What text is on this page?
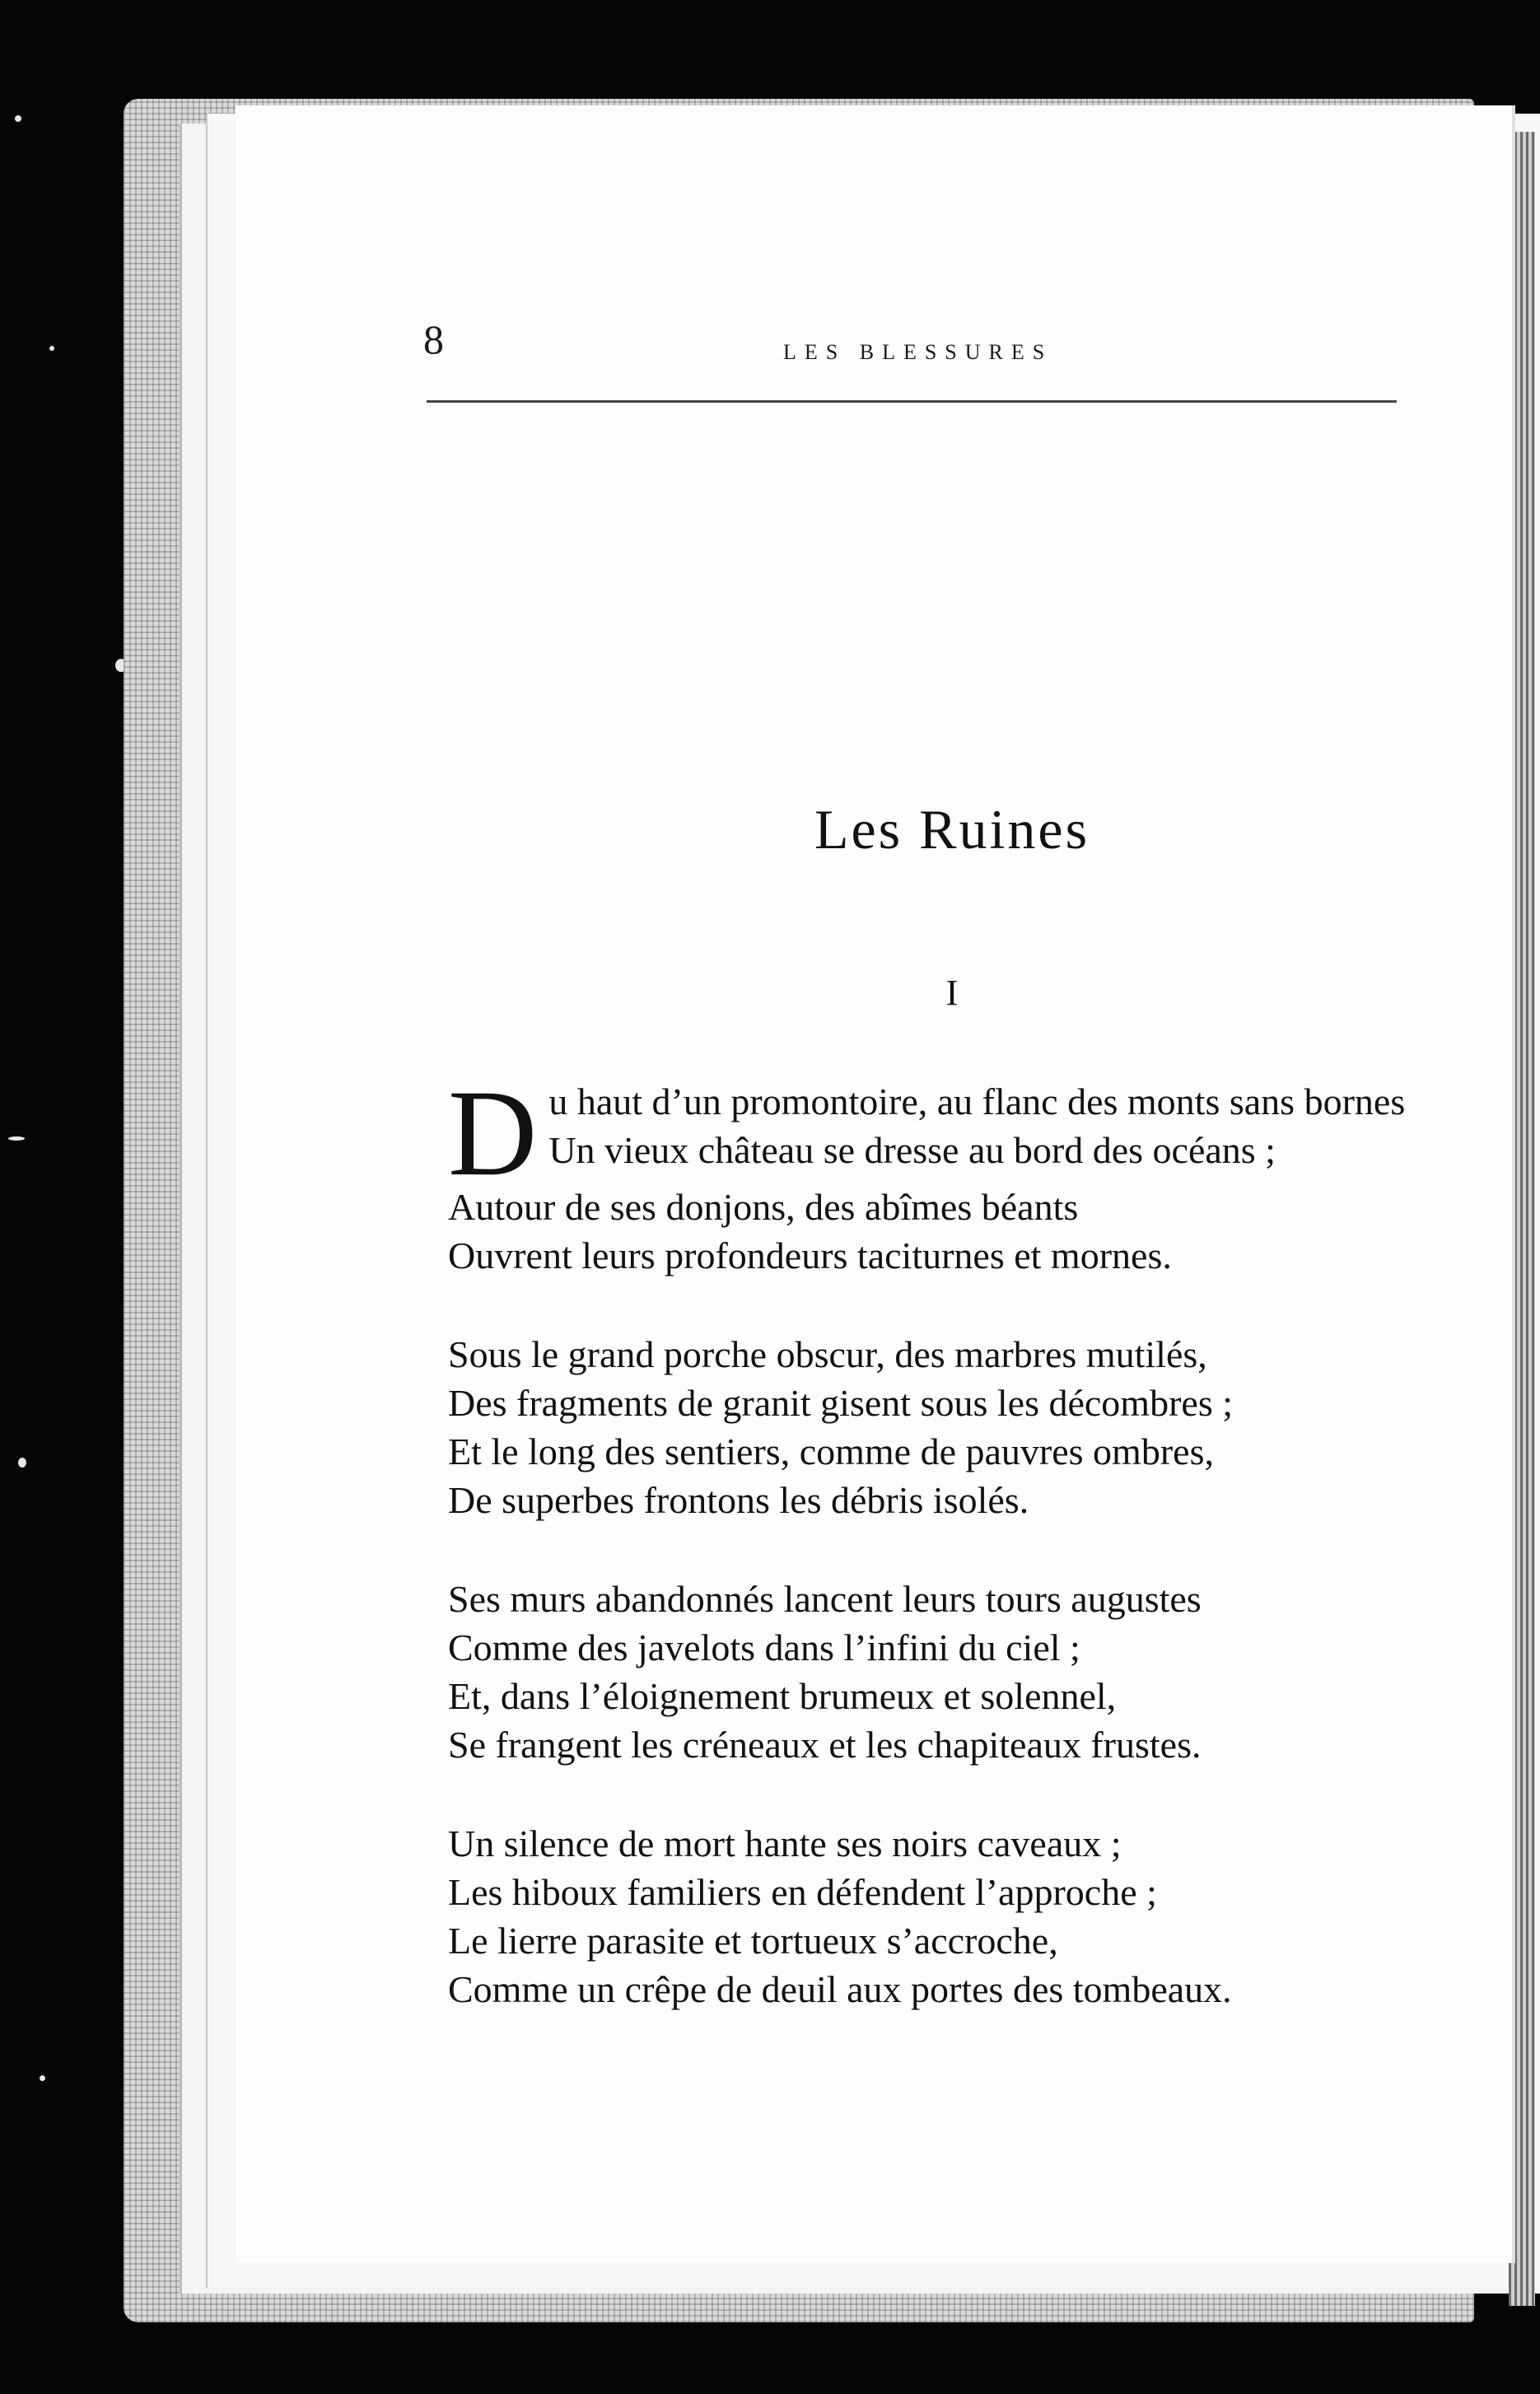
8	LES BLESSURES
Les Ruines
I
D u haut d’un promontoire, au flanc des monts sans bornes
Un vieux château se dresse au bord des océans ;
Autour de ses donjons, des abîmes béants
Ouvrent leurs profondeurs taciturnes et mornes.
Sous le grand porche obscur, des marbres mutilés,
Des fragments de granit gisent sous les décombres ;
Et le long des sentiers, comme de pauvres ombres,
De superbes frontons les débris isolés.
Ses murs abandonnés lancent leurs tours augustes
Comme des javelots dans l’infini du ciel ;
Et, dans l’éloignement brumeux et solennel,
Se frangent les créneaux et les chapiteaux frustes.
Un silence de mort hante ses noirs caveaux ;
Les hiboux familiers en défendent l’approche ;
Le lierre parasite et tortueux s’accroche,
Comme un crêpe de deuil aux portes des tombeaux.
